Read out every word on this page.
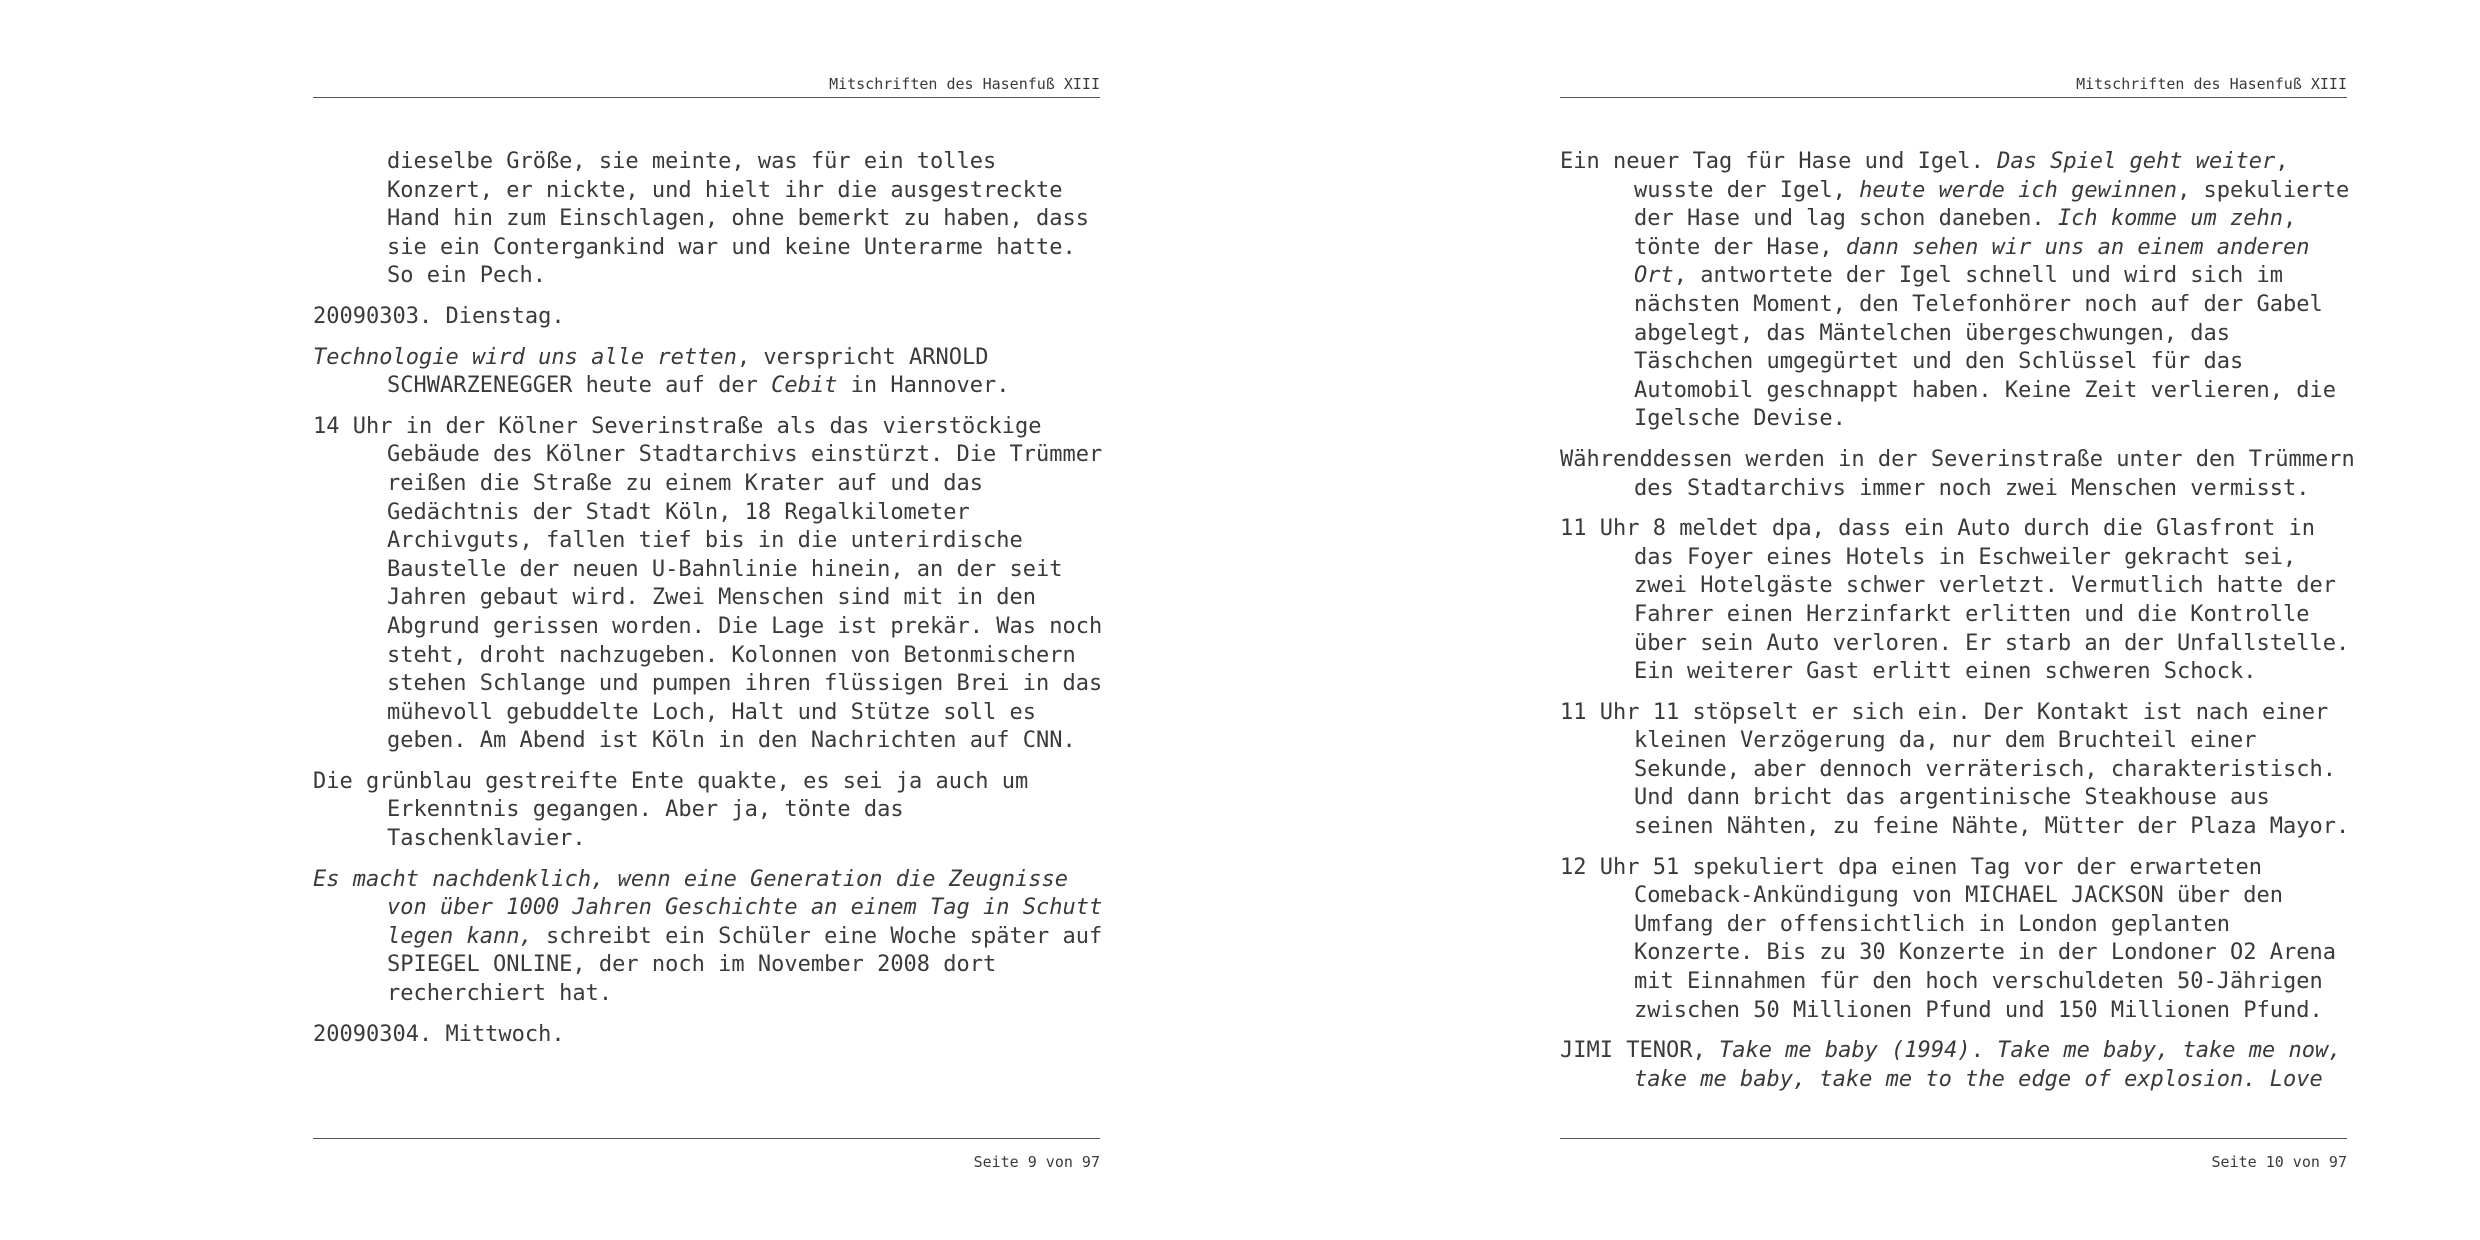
Mitschriften des Hasenfuß XIII
dieselbe Größe, sie meinte, was für ein tolles
Konzert, er nickte, und hielt ihr die ausgestreckte
Hand hin zum Einschlagen, ohne bemerkt zu haben, dass
sie ein Contergankind war und keine Unterarme hatte.
So ein Pech.
20090303. Dienstag.
Technologie wird uns alle retten, verspricht ARNOLD
SCHWARZENEGGER heute auf der Cebit in Hannover.
14 Uhr in der Kölner Severinstraße als das vierstöckige
Gebäude des Kölner Stadtarchivs einstürzt. Die Trümmer
reißen die Straße zu einem Krater auf und das
Gedächtnis der Stadt Köln, 18 Regalkilometer
Archivguts, fallen tief bis in die unterirdische
Baustelle der neuen U-Bahnlinie hinein, an der seit
Jahren gebaut wird. Zwei Menschen sind mit in den
Abgrund gerissen worden. Die Lage ist prekär. Was noch
steht, droht nachzugeben. Kolonnen von Betonmischern
stehen Schlange und pumpen ihren flüssigen Brei in das
mühevoll gebuddelte Loch, Halt und Stütze soll es
geben. Am Abend ist Köln in den Nachrichten auf CNN.
Die grünblau gestreifte Ente quakte, es sei ja auch um
Erkenntnis gegangen. Aber ja, tönte das
Taschenklavier.
Es macht nachdenklich, wenn eine Generation die Zeugnisse
von über 1000 Jahren Geschichte an einem Tag in Schutt
legen kann, schreibt ein Schüler eine Woche später auf
SPIEGEL ONLINE, der noch im November 2008 dort
recherchiert hat.
20090304. Mittwoch.
Seite 9 von 97
Mitschriften des Hasenfuß XIII
Ein neuer Tag für Hase und Igel. Das Spiel geht weiter,
wusste der Igel, heute werde ich gewinnen, spekulierte
der Hase und lag schon daneben. Ich komme um zehn,
tönte der Hase, dann sehen wir uns an einem anderen
Ort, antwortete der Igel schnell und wird sich im
nächsten Moment, den Telefonhörer noch auf der Gabel
abgelegt, das Mäntelchen übergeschwungen, das
Täschchen umgegürtet und den Schlüssel für das
Automobil geschnappt haben. Keine Zeit verlieren, die
Igelsche Devise.
Währenddessen werden in der Severinstraße unter den Trümmern
des Stadtarchivs immer noch zwei Menschen vermisst.
11 Uhr 8 meldet dpa, dass ein Auto durch die Glasfront in
das Foyer eines Hotels in Eschweiler gekracht sei,
zwei Hotelgäste schwer verletzt. Vermutlich hatte der
Fahrer einen Herzinfarkt erlitten und die Kontrolle
über sein Auto verloren. Er starb an der Unfallstelle.
Ein weiterer Gast erlitt einen schweren Schock.
11 Uhr 11 stöpselt er sich ein. Der Kontakt ist nach einer
kleinen Verzögerung da, nur dem Bruchteil einer
Sekunde, aber dennoch verräterisch, charakteristisch.
Und dann bricht das argentinische Steakhouse aus
seinen Nähten, zu feine Nähte, Mütter der Plaza Mayor.
12 Uhr 51 spekuliert dpa einen Tag vor der erwarteten
Comeback-Ankündigung von MICHAEL JACKSON über den
Umfang der offensichtlich in London geplanten
Konzerte. Bis zu 30 Konzerte in der Londoner O2 Arena
mit Einnahmen für den hoch verschuldeten 50-Jährigen
zwischen 50 Millionen Pfund und 150 Millionen Pfund.
JIMI TENOR, Take me baby (1994). Take me baby, take me now,
take me baby, take me to the edge of explosion. Love
Seite 10 von 97
